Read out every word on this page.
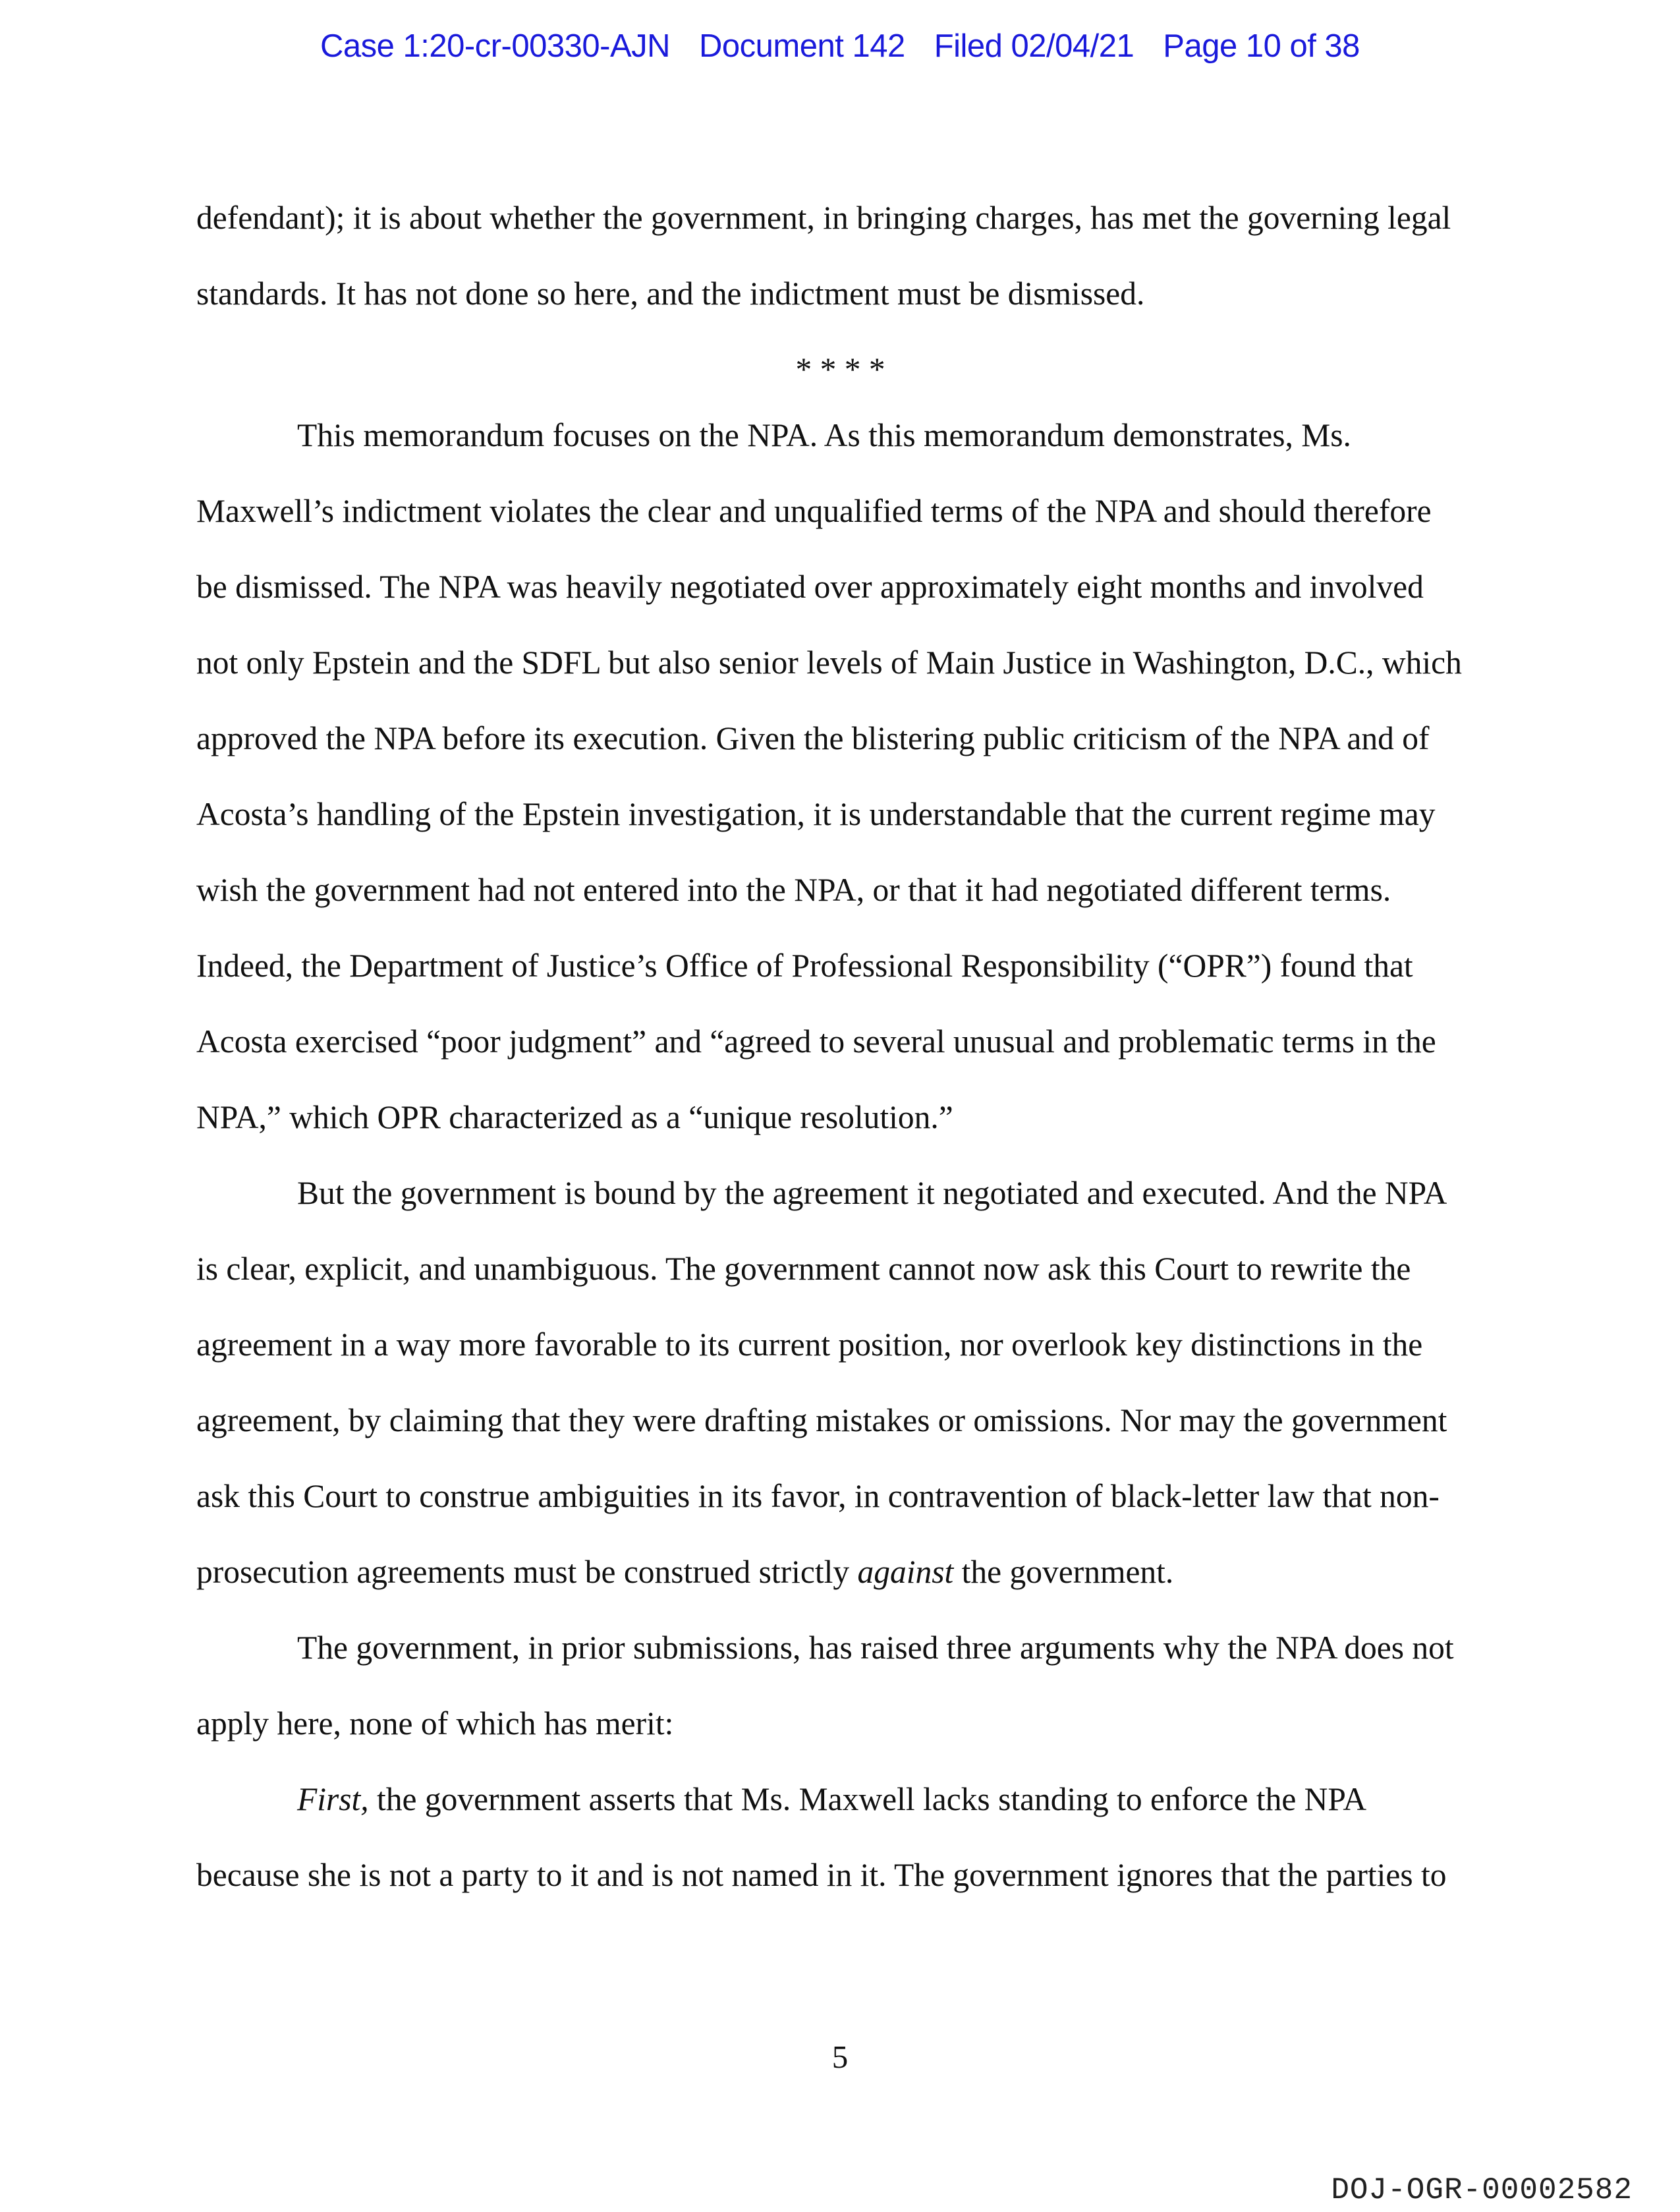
Case 1:20-cr-00330-AJN Document 142 Filed 02/04/21 Page 10 of 38
defendant); it is about whether the government, in bringing charges, has met the governing legal
standards. It has not done so here, and the indictment must be dismissed.
* * * *
This memorandum focuses on the NPA. As this memorandum demonstrates, Ms.
Maxwell’s indictment violates the clear and unqualified terms of the NPA and should therefore
be dismissed. The NPA was heavily negotiated over approximately eight months and involved
not only Epstein and the SDFL but also senior levels of Main Justice in Washington, D.C., which
approved the NPA before its execution. Given the blistering public criticism of the NPA and of
Acosta’s handling of the Epstein investigation, it is understandable that the current regime may
wish the government had not entered into the NPA, or that it had negotiated different terms.
Indeed, the Department of Justice’s Office of Professional Responsibility (“OPR”) found that
Acosta exercised “poor judgment” and “agreed to several unusual and problematic terms in the
NPA,” which OPR characterized as a “unique resolution.”
But the government is bound by the agreement it negotiated and executed. And the NPA
is clear, explicit, and unambiguous. The government cannot now ask this Court to rewrite the
agreement in a way more favorable to its current position, nor overlook key distinctions in the
agreement, by claiming that they were drafting mistakes or omissions. Nor may the government
ask this Court to construe ambiguities in its favor, in contravention of black-letter law that non-
prosecution agreements must be construed strictly against the government.
The government, in prior submissions, has raised three arguments why the NPA does not
apply here, none of which has merit:
First, the government asserts that Ms. Maxwell lacks standing to enforce the NPA
because she is not a party to it and is not named in it. The government ignores that the parties to
5
DOJ-OGR-00002582
